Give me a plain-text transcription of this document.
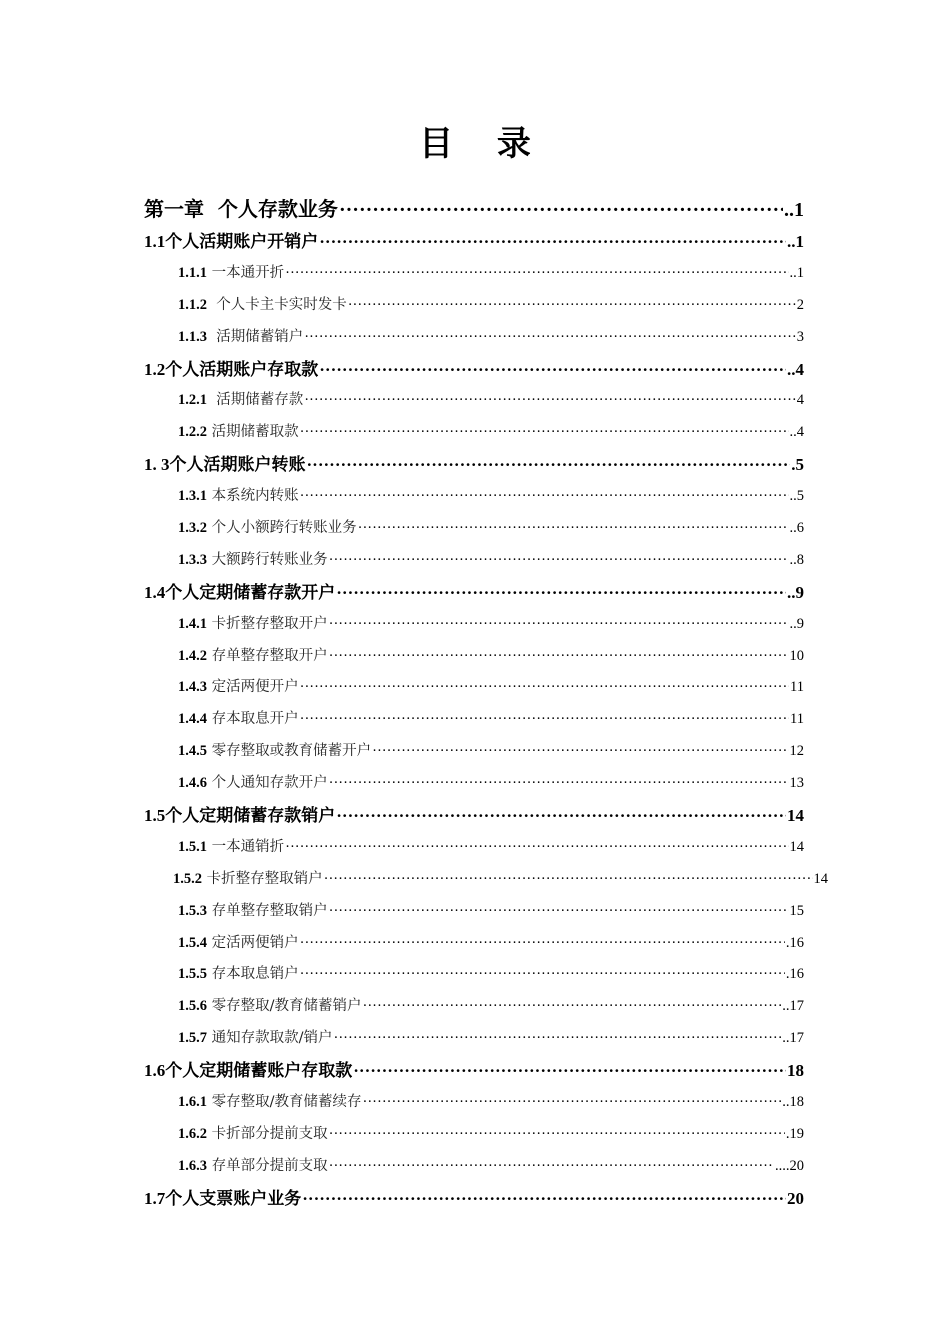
目 录
第一章  个人存款业务 ·····	..1
1.1个人活期账户开销户 ·····	..1
1.1.1 一本通开折 ·····	..1
1.1.2  个人卡主卡实时发卡 ·····	2
1.1.3  活期储蓄销户 ·····	3
1.2个人活期账户存取款 ·····	..4
1.2.1  活期储蓄存款 ·····	4
1.2.2 活期储蓄取款 ·····	..4
1. 3个人活期账户转账 ·····	.5
1.3.1 本系统内转账 ·····	..5
1.3.2 个人小额跨行转账业务 ·····	..6
1.3.3 大额跨行转账业务 ·····	..8
1.4个人定期储蓄存款开户 ·····	..9
1.4.1 卡折整存整取开户 ·····	..9
1.4.2 存单整存整取开户 ·····	10
1.4.3 定活两便开户 ·····	11
1.4.4 存本取息开户 ·····	11
1.4.5 零存整取或教育储蓄开户 ·····	12
1.4.6 个人通知存款开户 ·····	13
1.5个人定期储蓄存款销户 ·····	14
1.5.1 一本通销折 ·····	14
1.5.2 卡折整存整取销户 ·····	14
1.5.3 存单整存整取销户 ·····	15
1.5.4 定活两便销户 ·····	.16
1.5.5 存本取息销户 ·····	.16
1.5.6 零存整取/教育储蓄销户 ·····	..17
1.5.7 通知存款取款/销户 ·····	..17
1.6个人定期储蓄账户存取款 ·····	18
1.6.1 零存整取/教育储蓄续存 ·····	..18
1.6.2 卡折部分提前支取 ·····	.19
1.6.3 存单部分提前支取 ·····	....20
1.7个人支票账户业务 ·····	20
